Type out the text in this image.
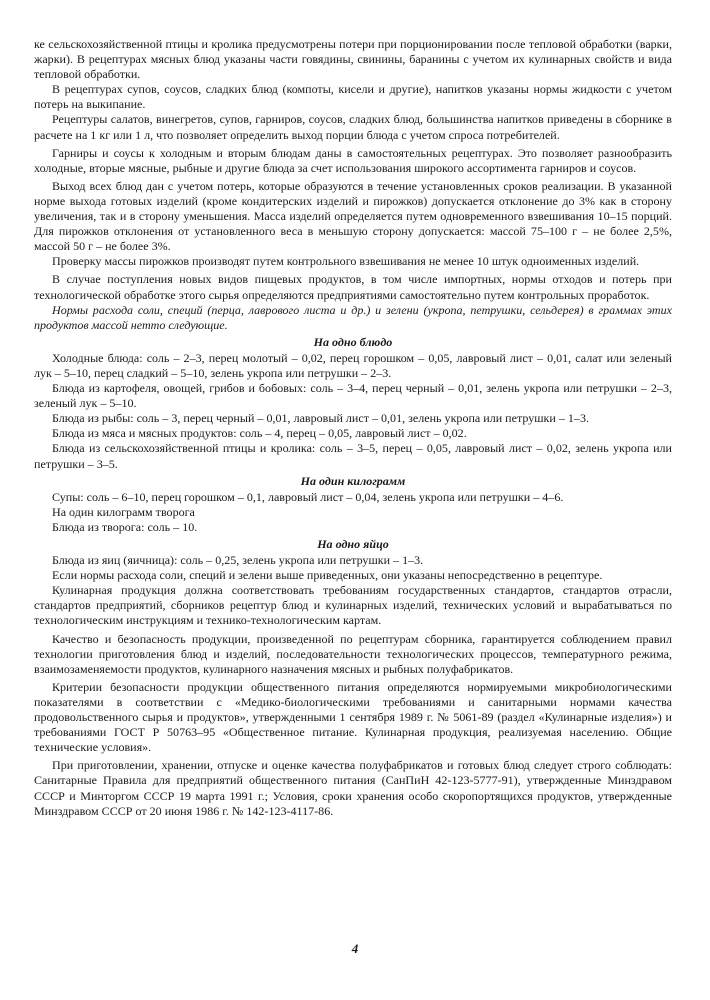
ке сельскохозяйственной птицы и кролика предусмотрены потери при порционировании после тепловой обработки (варки, жарки). В рецептурах мясных блюд указаны части говядины, свинины, баранины с учетом их кулинарных свойств и вида тепловой обработки.

В рецептурах супов, соусов, сладких блюд (компоты, кисели и другие), напитков указаны нормы жидкости с учетом потерь на выкипание.

Рецептуры салатов, винегретов, супов, гарниров, соусов, сладких блюд, большинства напитков приведены в сборнике в расчете на 1 кг или 1 л, что позволяет определить выход порции блюда с учетом спроса потребителей.

Гарниры и соусы к холодным и вторым блюдам даны в самостоятельных рецептурах. Это позволяет разнообразить холодные, вторые мясные, рыбные и другие блюда за счет использования широкого ассортимента гарниров и соусов.

Выход всех блюд дан с учетом потерь, которые образуются в течение установленных сроков реализации. В указанной норме выхода готовых изделий (кроме кондитерских изделий и пирожков) допускается отклонение до 3% как в сторону увеличения, так и в сторону уменьшения. Масса изделий определяется путем одновременного взвешивания 10–15 порций. Для пирожков отклонения от установленного веса в меньшую сторону допускается: массой 75–100 г – не более 2,5%, массой 50 г – не более 3%.

Проверку массы пирожков производят путем контрольного взвешивания не менее 10 штук одноименных изделий.

В случае поступления новых видов пищевых продуктов, в том числе импортных, нормы отходов и потерь при технологической обработке этого сырья определяются предприятиями самостоятельно путем контрольных проработок.

Нормы расхода соли, специй (перца, лаврового листа и др.) и зелени (укропа, петрушки, сельдерея) в граммах этих продуктов массой нетто следующие.

На одно блюдо

Холодные блюда: соль – 2–3, перец молотый – 0,02, перец горошком – 0,05, лавровый лист – 0,01, салат или зеленый лук – 5–10, перец сладкий – 5–10, зелень укропа или петрушки – 2–3.

Блюда из картофеля, овощей, грибов и бобовых: соль – 3–4, перец черный – 0,01, зелень укропа или петрушки – 2–3, зеленый лук – 5–10.

Блюда из рыбы: соль – 3, перец черный – 0,01, лавровый лист – 0,01, зелень укропа или петрушки – 1–3.

Блюда из мяса и мясных продуктов: соль – 4, перец – 0,05, лавровый лист – 0,02.

Блюда из сельскохозяйственной птицы и кролика: соль – 3–5, перец – 0,05, лавровый лист – 0,02, зелень укропа или петрушки – 3–5.

На один килограмм

Супы: соль – 6–10, перец горошком – 0,1, лавровый лист – 0,04, зелень укропа или петрушки – 4–6.

На один килограмм творога

Блюда из творога: соль – 10.

На одно яйцо

Блюда из яиц (яичница): соль – 0,25, зелень укропа или петрушки – 1–3.

Если нормы расхода соли, специй и зелени выше приведенных, они указаны непосредственно в рецептуре.

Кулинарная продукция должна соответствовать требованиям государственных стандартов, стандартов отрасли, стандартов предприятий, сборников рецептур блюд и кулинарных изделий, технических условий и вырабатываться по технологическим инструкциям и технико-технологическим картам.

Качество и безопасность продукции, произведенной по рецептурам сборника, гарантируется соблюдением правил технологии приготовления блюд и изделий, последовательности технологических процессов, температурного режима, взаимозаменяемости продуктов, кулинарного назначения мясных и рыбных полуфабрикатов.

Критерии безопасности продукции общественного питания определяются нормируемыми микробиологическими показателями в соответствии с «Медико-биологическими требованиями и санитарными нормами качества продовольственного сырья и продуктов», утвержденными 1 сентября 1989 г. № 5061-89 (раздел «Кулинарные изделия») и требованиями ГОСТ Р 50763–95 «Общественное питание. Кулинарная продукция, реализуемая населению. Общие технические условия».

При приготовлении, хранении, отпуске и оценке качества полуфабрикатов и готовых блюд следует строго соблюдать: Санитарные Правила для предприятий общественного питания (СанПиН 42-123-5777-91), утвержденные Минздравом СССР и Минторгом СССР 19 марта 1991 г.; Условия, сроки хранения особо скоропортящихся продуктов, утвержденные Минздравом СССР от 20 июня 1986 г. № 142-123-4117-86.

4
